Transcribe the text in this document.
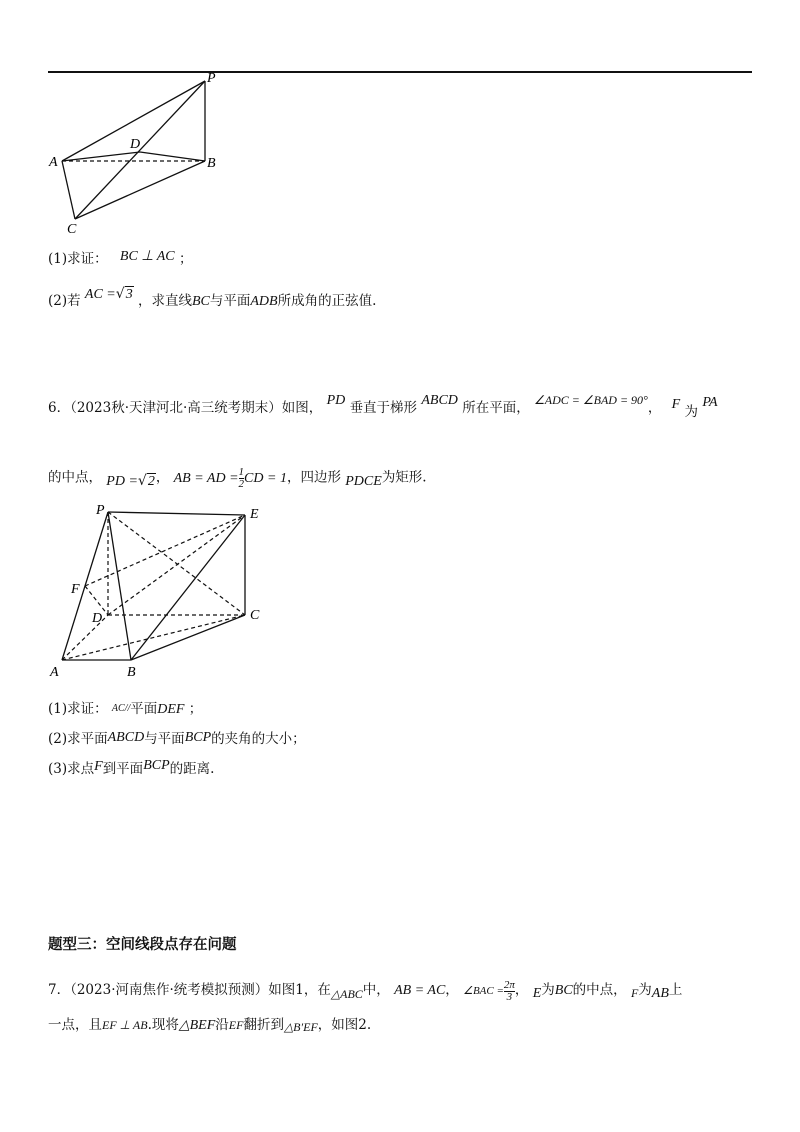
P
A
D
B
C
(1)求证： BC ⊥ AC ；
(2)若 AC =√3 ，求直线BC与平面ADB所成角的正弦值.
6．（2023秋·天津河北·高三统考期末）如图， PD 垂直于梯形 ABCD 所在平面， ∠ADC = ∠BAD = 90°， F 为 PA
的中点， PD =√2， AB = AD = $\frac{1}{2}$ CD = 1，四边形 PDCE为矩形.
P	E
F
D	C
A	B
(1)求证： AC//平面DEF ；
(2)求平面ABCD与平面BCP的夹角的大小；
(3)求点F到平面BCP的距离.
题型三：空间线段点存在问题
7．（2023·河南焦作·统考模拟预测）如图1，在△ABC中， AB = AC， ∠BAC = $\frac{2\pi}{3}$ ， E为BC的中点， F为AB上
一点，且EF ⊥ AB.现将△BEF沿EF翻折到△B′EF，如图2.
